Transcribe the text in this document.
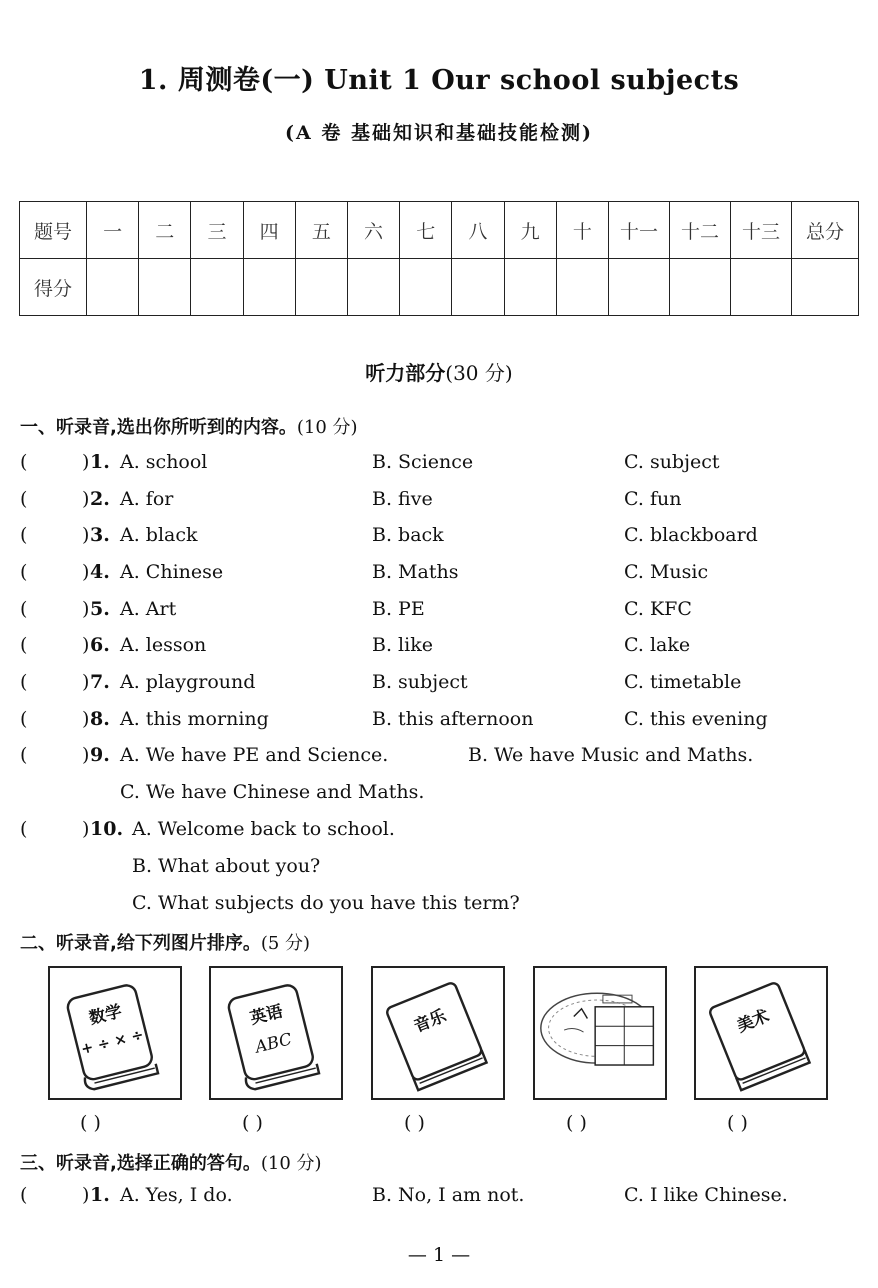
1. 周测卷(一) Unit 1 Our school subjects
(A 卷 基础知识和基础技能检测)
题号	一	二	三	四	五	六	七	八	九	十	十一	十二	十三	总分
得分														
听力部分(30 分)
一、听录音,选出你所听到的内容。(10 分)
(	) 1. A. school	B. Science	C. subject
(	) 2. A. for	B. five	C. fun
(	) 3. A. black	B. back	C. blackboard
(	) 4. A. Chinese	B. Maths	C. Music
(	) 5. A. Art	B. PE	C. KFC
(	) 6. A. lesson	B. like	C. lake
(	) 7. A. playground	B. subject	C. timetable
(	) 8. A. this morning	B. this afternoon	C. this evening
(	) 9. A. We have PE and Science.	B. We have Music and Maths.
C. We have Chinese and Maths.
(	) 10. A. Welcome back to school.
B. What about you?
C. What subjects do you have this term?
二、听录音,给下列图片排序。(5 分)
数学
+ ÷ × ÷
英语
ABC
音乐	美术
( )	( )	( )	( )	( )
三、听录音,选择正确的答句。(10 分)
(	) 1. A. Yes, I do.	B. No, I am not.	C. I like Chinese.
— 1 —
